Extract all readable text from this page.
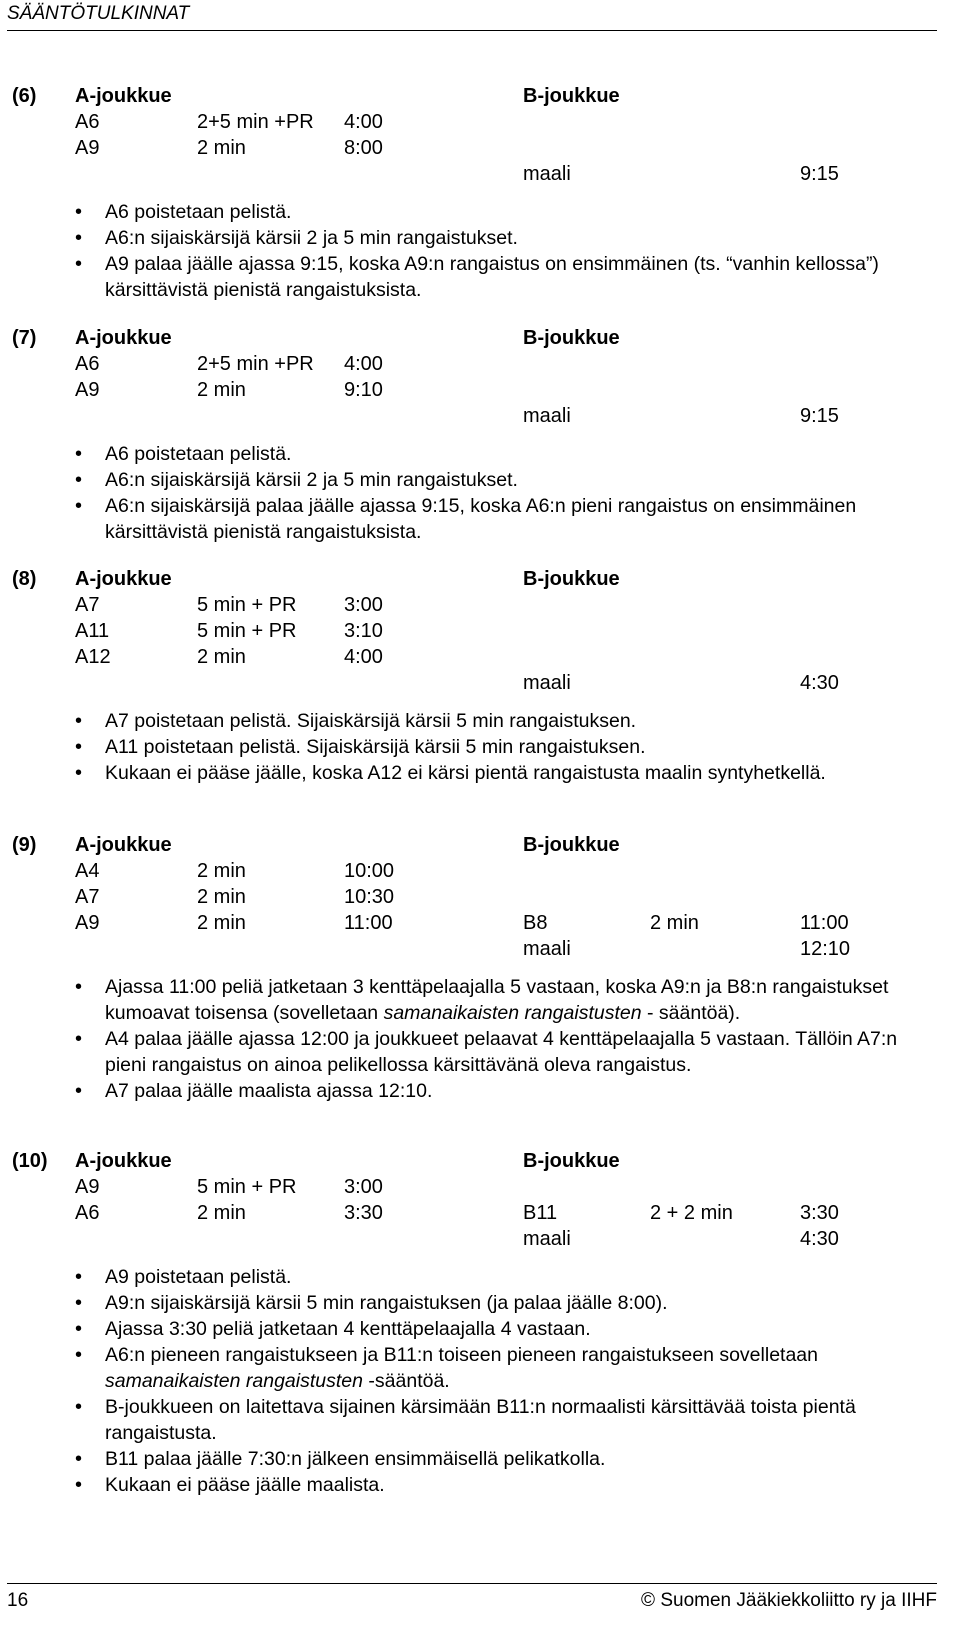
SÄÄNTÖTULKINNAT
(6) A-joukkue	B-joukkue
A6	2+5 min +PR 4:00
A9	2 min	8:00
maali	9:15
• A6 poistetaan pelistä.
• A6:n sijaiskärsijä kärsii 2 ja 5 min rangaistukset.
• A9 palaa jäälle ajassa 9:15, koska A9:n rangaistus on ensimmäinen (ts. “vanhin kellossa”) kärsittävistä pienistä rangaistuksista.
(7) A-joukkue	B-joukkue
A6	2+5 min +PR 4:00
A9	2 min	9:10
maali	9:15
• A6 poistetaan pelistä.
• A6:n sijaiskärsijä kärsii 2 ja 5 min rangaistukset.
• A6:n sijaiskärsijä palaa jäälle ajassa 9:15, koska A6:n pieni rangaistus on ensimmäinen kärsittävistä pienistä rangaistuksista.
(8) A-joukkue	B-joukkue
A7	5 min + PR 3:00
A11	5 min + PR 3:10
A12	2 min	4:00
maali	4:30
• A7 poistetaan pelistä. Sijaiskärsijä kärsii 5 min rangaistuksen.
• A11 poistetaan pelistä. Sijaiskärsijä kärsii 5 min rangaistuksen.
• Kukaan ei pääse jäälle, koska A12 ei kärsi pientä rangaistusta maalin syntyhetkellä.
(9) A-joukkue	B-joukkue
A4	2 min	10:00
A7	2 min	10:30
A9	2 min	11:00	B8	2 min	11:00
maali	12:10
• Ajassa 11:00 peliä jatketaan 3 kenttäpelaajalla 5 vastaan, koska A9:n ja B8:n rangaistukset kumoavat toisensa (sovelletaan samanaikaisten rangaistusten - sääntöä).
• A4 palaa jäälle ajassa 12:00 ja joukkueet pelaavat 4 kenttäpelaajalla 5 vastaan. Tällöin A7:n pieni rangaistus on ainoa pelikellossa kärsittävänä oleva rangaistus.
• A7 palaa jäälle maalista ajassa 12:10.
(10) A-joukkue	B-joukkue
A9	5 min + PR 3:00
A6	2 min	3:30	B11	2 + 2 min	3:30
maali	4:30
• A9 poistetaan pelistä.
• A9:n sijaiskärsijä kärsii 5 min rangaistuksen (ja palaa jäälle 8:00).
• Ajassa 3:30 peliä jatketaan 4 kenttäpelaajalla 4 vastaan.
• A6:n pieneen rangaistukseen ja B11:n toiseen pieneen rangaistukseen sovelletaan samanaikaisten rangaistusten -sääntöä.
• B-joukkueen on laitettava sijainen kärsimään B11:n normaalisti kärsittävää toista pientä rangaistusta.
• B11 palaa jäälle 7:30:n jälkeen ensimmäisellä pelikatkolla.
• Kukaan ei pääse jäälle maalista.
16	© Suomen Jääkiekkoliitto ry ja IIHF
